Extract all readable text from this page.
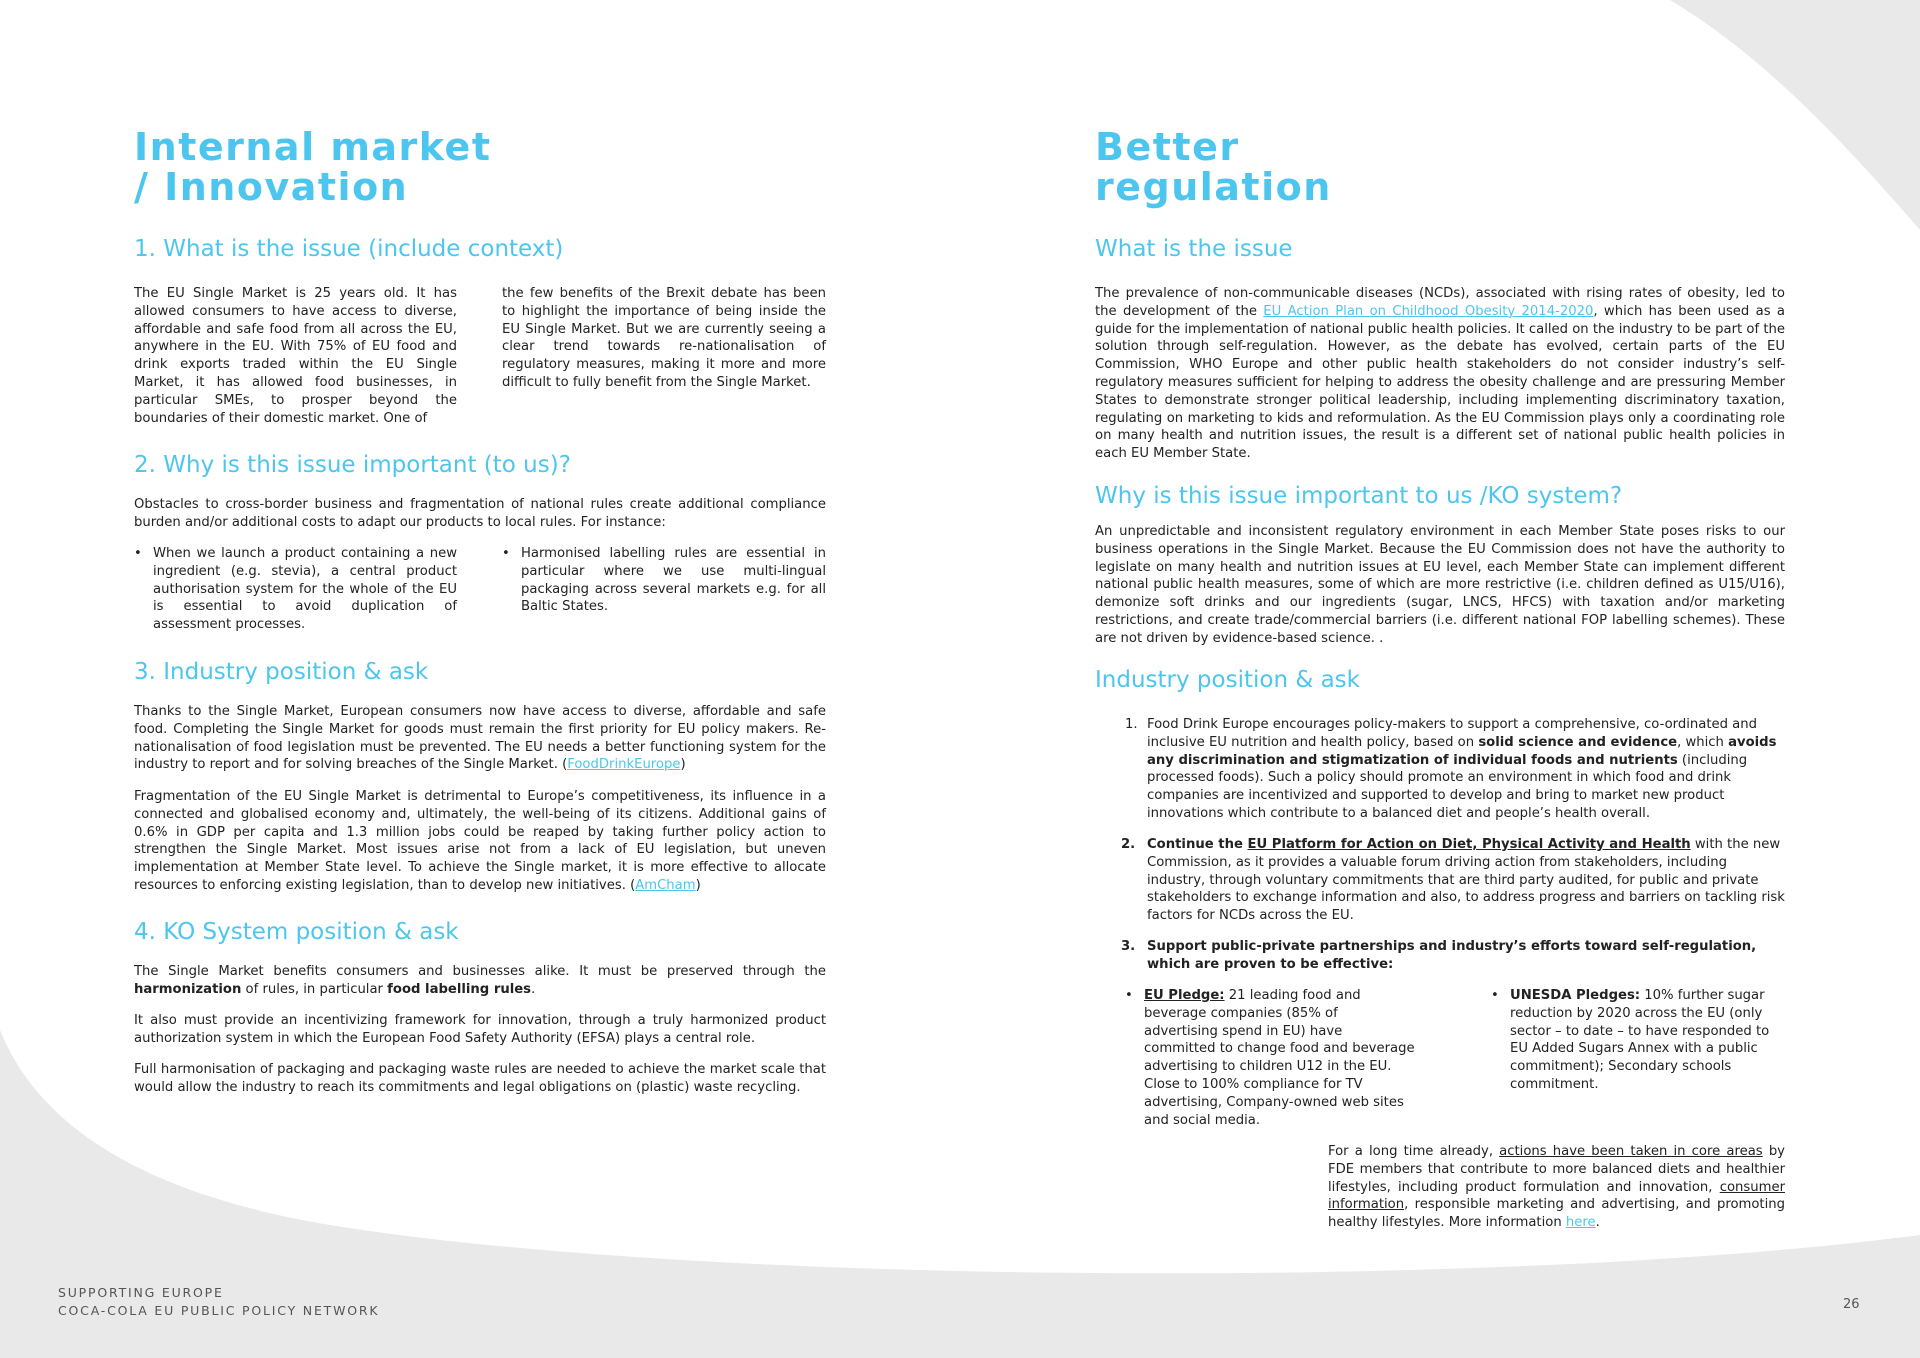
Internal market
/ Innovation
1. What is the issue (include context)

The EU Single Market is 25 years old. It has allowed consumers to have access to diverse, affordable and safe food from all across the EU, anywhere in the EU. With 75% of EU food and drink exports traded within the EU Single Market, it has allowed food businesses, in particular SMEs, to prosper beyond the boundaries of their domestic market. One of

the few benefits of the Brexit debate has been to highlight the importance of being inside the EU Single Market. But we are currently seeing a clear trend towards re-nationalisation of regulatory measures, making it more and more difficult to fully benefit from the Single Market.

2. Why is this issue important (to us)?

Obstacles to cross-border business and fragmentation of national rules create additional compliance burden and/or additional costs to adapt our products to local rules. For instance:

• When we launch a product containing a new ingredient (e.g. stevia), a central product authorisation system for the whole of the EU is essential to avoid duplication of assessment processes.
• Harmonised labelling rules are essential in particular where we use multi-lingual packaging across several markets e.g. for all Baltic States.
3. Industry position & ask

Thanks to the Single Market, European consumers now have access to diverse, affordable and safe food. Completing the Single Market for goods must remain the first priority for EU policy makers. Re-nationalisation of food legislation must be prevented. The EU needs a better functioning system for the industry to report and for solving breaches of the Single Market. (FoodDrinkEurope)

Fragmentation of the EU Single Market is detrimental to Europe’s competitiveness, its influence in a connected and globalised economy and, ultimately, the well-being of its citizens. Additional gains of 0.6% in GDP per capita and 1.3 million jobs could be reaped by taking further policy action to strengthen the Single Market. Most issues arise not from a lack of EU legislation, but uneven implementation at Member State level. To achieve the Single market, it is more effective to allocate resources to enforcing existing legislation, than to develop new initiatives. (AmCham)

4. KO System position & ask

The Single Market benefits consumers and businesses alike. It must be preserved through the harmonization of rules, in particular food labelling rules.

It also must provide an incentivizing framework for innovation, through a truly harmonized product authorization system in which the European Food Safety Authority (EFSA) plays a central role.

Full harmonisation of packaging and packaging waste rules are needed to achieve the market scale that would allow the industry to reach its commitments and legal obligations on (plastic) waste recycling.

Better
regulation
What is the issue

The prevalence of non-communicable diseases (NCDs), associated with rising rates of obesity, led to the development of the EU Action Plan on Childhood Obesity 2014-2020, which has been used as a guide for the implementation of national public health policies. It called on the industry to be part of the solution through self-regulation. However, as the debate has evolved, certain parts of the EU Commission, WHO Europe and other public health stakeholders do not consider industry’s self-regulatory measures sufficient for helping to address the obesity challenge and are pressuring Member States to demonstrate stronger political leadership, including implementing discriminatory taxation, regulating on marketing to kids and reformulation. As the EU Commission plays only a coordinating role on many health and nutrition issues, the result is a different set of national public health policies in each EU Member State.

Why is this issue important to us /KO system?

An unpredictable and inconsistent regulatory environment in each Member State poses risks to our business operations in the Single Market. Because the EU Commission does not have the authority to legislate on many health and nutrition issues at EU level, each Member State can implement different national public health measures, some of which are more restrictive (i.e. children defined as U15/U16), demonize soft drinks and our ingredients (sugar, LNCS, HFCS) with taxation and/or marketing restrictions, and create trade/commercial barriers (i.e. different national FOP labelling schemes). These are not driven by evidence-based science. .

Industry position & ask
1. Food Drink Europe encourages policy-makers to support a comprehensive, co-ordinated and inclusive EU nutrition and health policy, based on solid science and evidence, which avoids any discrimination and stigmatization of individual foods and nutrients (including processed foods). Such a policy should promote an environment in which food and drink companies are incentivized and supported to develop and bring to market new product innovations which contribute to a balanced diet and people’s health overall.
2. Continue the EU Platform for Action on Diet, Physical Activity and Health with the new Commission, as it provides a valuable forum driving action from stakeholders, including industry, through voluntary commitments that are third party audited, for public and private stakeholders to exchange information and also, to address progress and barriers on tackling risk factors for NCDs across the EU.
3. Support public-private partnerships and industry’s efforts toward self-regulation, which are proven to be effective:
• EU Pledge: 21 leading food and beverage companies (85% of advertising spend in EU) have committed to change food and beverage advertising to children U12 in the EU. Close to 100% compliance for TV advertising, Company-owned web sites and social media.
• UNESDA Pledges: 10% further sugar reduction by 2020 across the EU (only sector – to date – to have responded to EU Added Sugars Annex with a public commitment); Secondary schools commitment.

For a long time already, actions have been taken in core areas by FDE members that contribute to more balanced diets and healthier lifestyles, including product formulation and innovation, consumer information, responsible marketing and advertising, and promoting healthy lifestyles. More information here.

SUPPORTING EUROPE
COCA-COLA EU PUBLIC POLICY NETWORK	26
